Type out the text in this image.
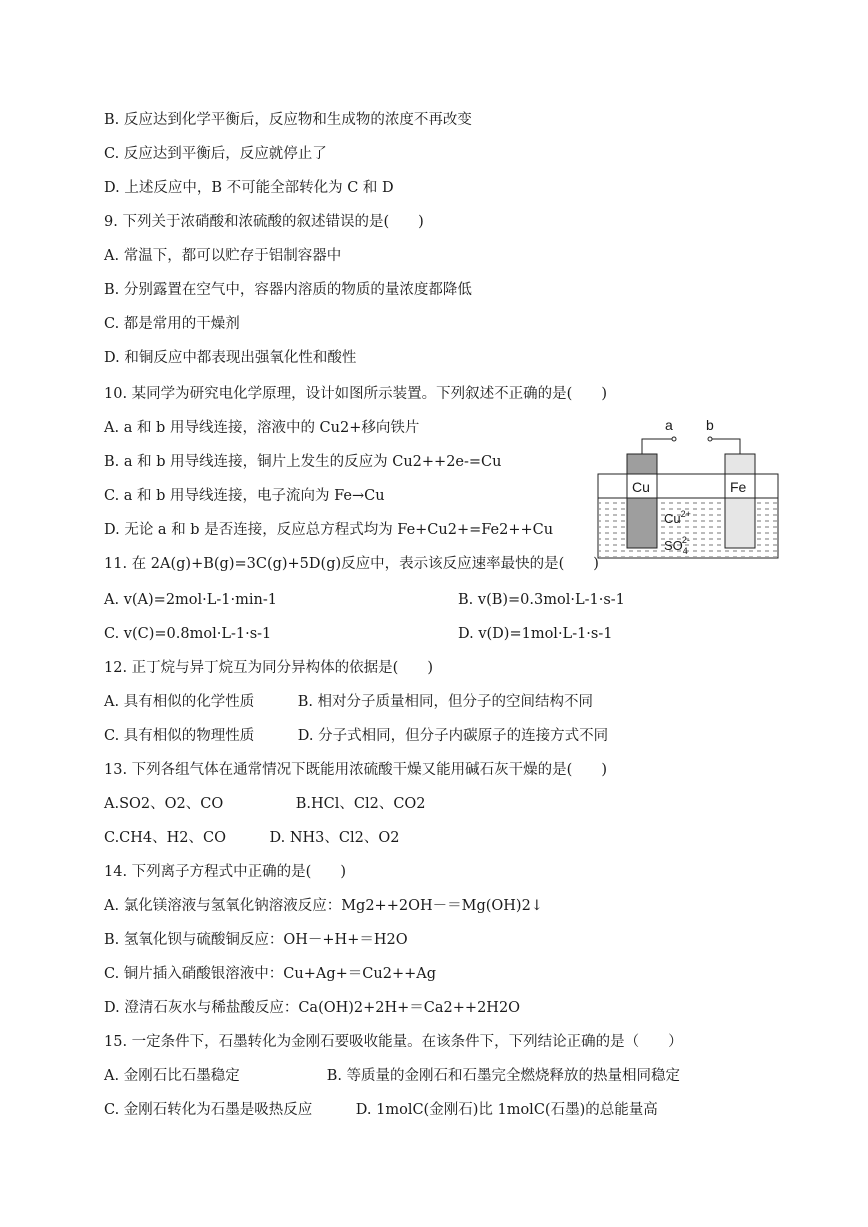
B. 反应达到化学平衡后，反应物和生成物的浓度不再改变
C. 反应达到平衡后，反应就停止了
D. 上述反应中，B 不可能全部转化为 C 和 D
9. 下列关于浓硝酸和浓硫酸的叙述错误的是(　　)
A. 常温下，都可以贮存于铝制容器中
B. 分别露置在空气中，容器内溶质的物质的量浓度都降低
C. 都是常用的干燥剂
D. 和铜反应中都表现出强氧化性和酸性
10. 某同学为研究电化学原理，设计如图所示装置。下列叙述不正确的是(　　)
A. a 和 b 用导线连接，溶液中的 Cu2+移向铁片
B. a 和 b 用导线连接，铜片上发生的反应为 Cu2++2e-=Cu
C. a 和 b 用导线连接，电子流向为 Fe→Cu
D. 无论 a 和 b 是否连接，反应总方程式均为 Fe+Cu2+=Fe2++Cu
a b
Cu	Fe
$Cu^{2+}$
$SO_42-$
11. 在 2A(g)+B(g)=3C(g)+5D(g)反应中，表示该反应速率最快的是(　　)
A. v(A)=2mol·L-1·min-1	B. v(B)=0.3mol·L-1·s-1
C. v(C)=0.8mol·L-1·s-1	D. v(D)=1mol·L-1·s-1
12. 正丁烷与异丁烷互为同分异构体的依据是(　　)
A. 具有相似的化学性质　　　B. 相对分子质量相同，但分子的空间结构不同
C. 具有相似的物理性质　　　D. 分子式相同，但分子内碳原子的连接方式不同
13. 下列各组气体在通常情况下既能用浓硫酸干燥又能用碱石灰干燥的是(　　)
A.SO2、O2、CO　　　　　B.HCl、Cl2、CO2
C.CH4、H2、CO　　　D. NH3、Cl2、O2
14. 下列离子方程式中正确的是(　　)
A. 氯化镁溶液与氢氧化钠溶液反应：Mg2++2OH－＝Mg(OH)2↓
B. 氢氧化钡与硫酸铜反应：OH－+H+＝H2O
C. 铜片插入硝酸银溶液中：Cu+Ag+＝Cu2++Ag
D. 澄清石灰水与稀盐酸反应：Ca(OH)2+2H+＝Ca2++2H2O
15. 一定条件下，石墨转化为金刚石要吸收能量。在该条件下，下列结论正确的是（　　）
A. 金刚石比石墨稳定　　　　　　B. 等质量的金刚石和石墨完全燃烧释放的热量相同稳定
C. 金刚石转化为石墨是吸热反应　　　D. 1molC(金刚石)比 1molC(石墨)的总能量高
